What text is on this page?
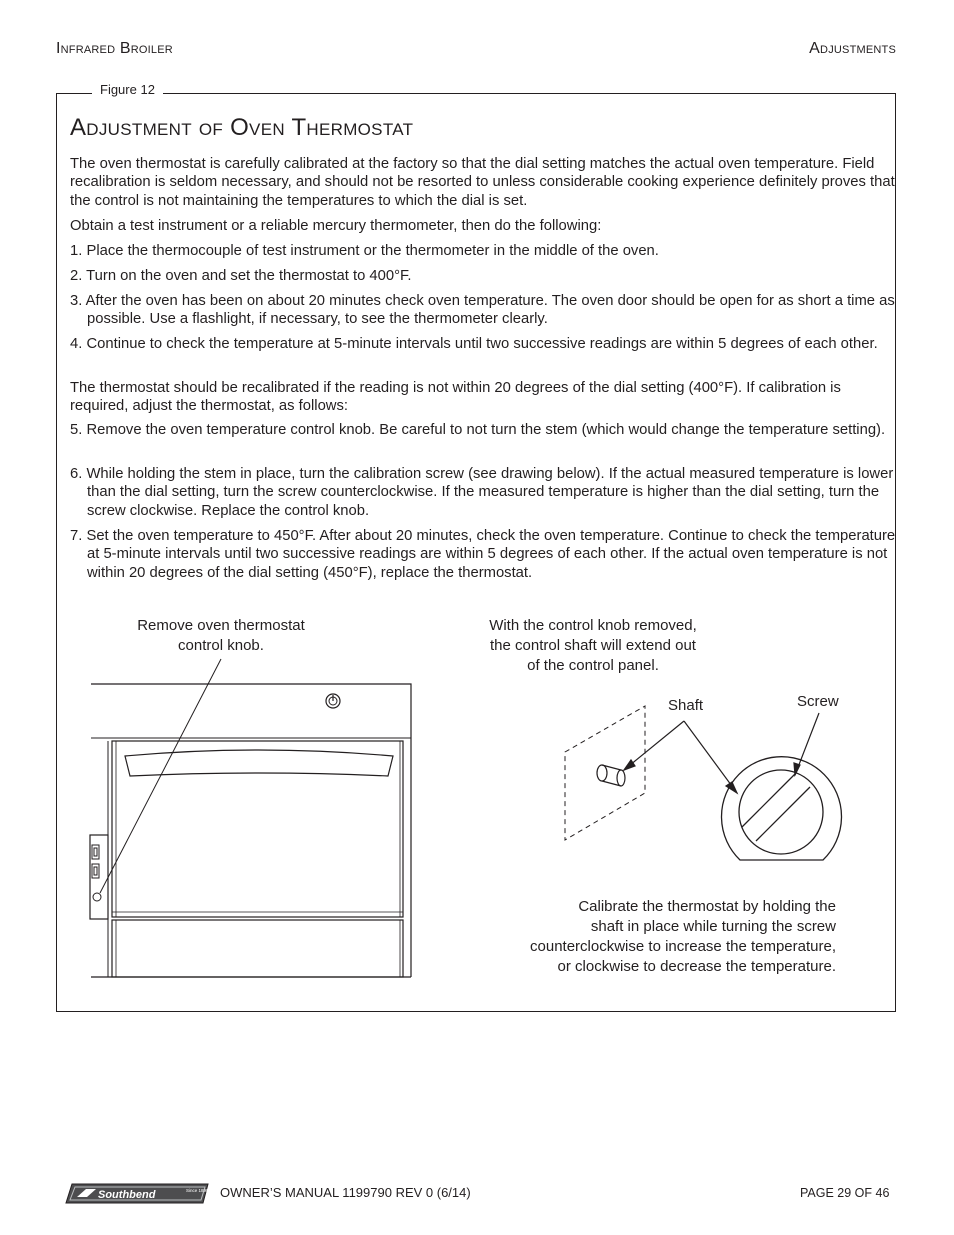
Infrared Broiler	Adjustments
Figure 12
Adjustment of Oven Thermostat

The oven thermostat is carefully calibrated at the factory so that the dial setting matches the actual oven temperature. Field recalibration is seldom necessary, and should not be resorted to unless considerable cooking experience definitely proves that the control is not maintaining the temperatures to which the dial is set.

Obtain a test instrument or a reliable mercury thermometer, then do the following:

1. Place the thermocouple of test instrument or the thermometer in the middle of the oven.

2. Turn on the oven and set the thermostat to 400°F.

3. After the oven has been on about 20 minutes check oven temperature. The oven door should be open for as short a time as possible. Use a flashlight, if necessary, to see the thermometer clearly.

4. Continue to check the temperature at 5-minute intervals until two successive readings are within 5 degrees of each other.

The thermostat should be recalibrated if the reading is not within 20 degrees of the dial setting (400°F). If calibration is required, adjust the thermostat, as follows:

5. Remove the oven temperature control knob. Be careful to not turn the stem (which would change the temperature setting).

6. While holding the stem in place, turn the calibration screw (see drawing below). If the actual measured temperature is lower than the dial setting, turn the screw counterclockwise. If the measured temperature is higher than the dial setting, turn the screw clockwise. Replace the control knob.

7. Set the oven temperature to 450°F. After about 20 minutes, check the oven temperature. Continue to check the temperature at 5-minute intervals until two successive readings are within 5 degrees of each other. If the actual oven temperature is not within 20 degrees of the dial setting (450°F), replace the thermostat.

Remove oven thermostat
control knob.
With the control knob removed,
the control shaft will extend out
of the control panel.
Shaft	Screw
Calibrate the thermostat by holding the
shaft in place while turning the screw
counterclockwise to increase the temperature,
or clockwise to decrease the temperature.
Southbend	Since 1898 OWNER’S MANUAL 1199790 REV 0 (6/14)	PAGE 29 OF 46
